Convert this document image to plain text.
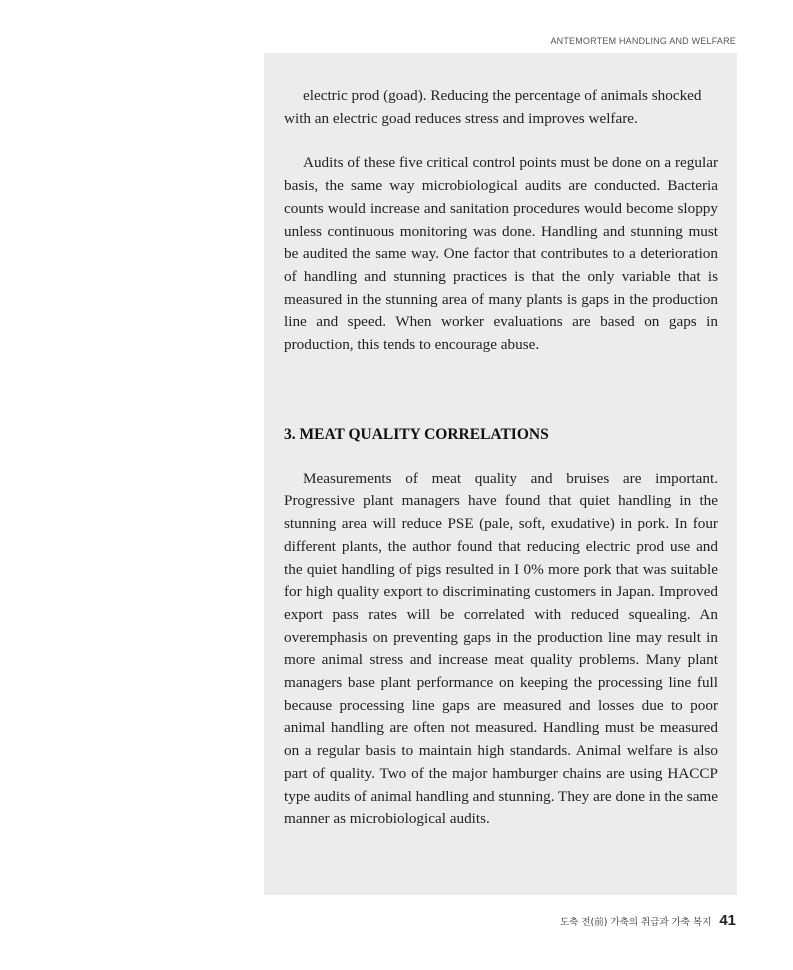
ANTEMORTEM HANDLING AND WELFARE

electric prod (goad). Reducing the percentage of animals shocked with an electric goad reduces stress and improves welfare.

Audits of these five critical control points must be done on a regular basis, the same way microbiological audits are conducted. Bacteria counts would increase and sanitation procedures would become sloppy unless continuous monitoring was done. Handling and stunning must be audited the same way. One factor that contributes to a deterioration of handling and stunning practices is that the only variable that is measured in the stunning area of many plants is gaps in the production line and speed. When worker evaluations are based on gaps in production, this tends to encourage abuse.

3. MEAT QUALITY CORRELATIONS

Measurements of meat quality and bruises are important. Progressive plant managers have found that quiet handling in the stunning area will reduce PSE (pale, soft, exudative) in pork. In four different plants, the author found that reducing electric prod use and the quiet handling of pigs resulted in I 0% more pork that was suitable for high quality export to discriminating customers in Japan. Improved export pass rates will be correlated with reduced squealing. An overemphasis on preventing gaps in the production line may result in more animal stress and increase meat quality problems. Many plant managers base plant performance on keeping the processing line full because processing line gaps are measured and losses due to poor animal handling are often not measured. Handling must be measured on a regular basis to maintain high standards. Animal welfare is also part of quality. Two of the major hamburger chains are using HACCP type audits of animal handling and stunning. They are done in the same manner as microbiological audits.

도축 전(前) 가축의 취급과 가축 복지 41
